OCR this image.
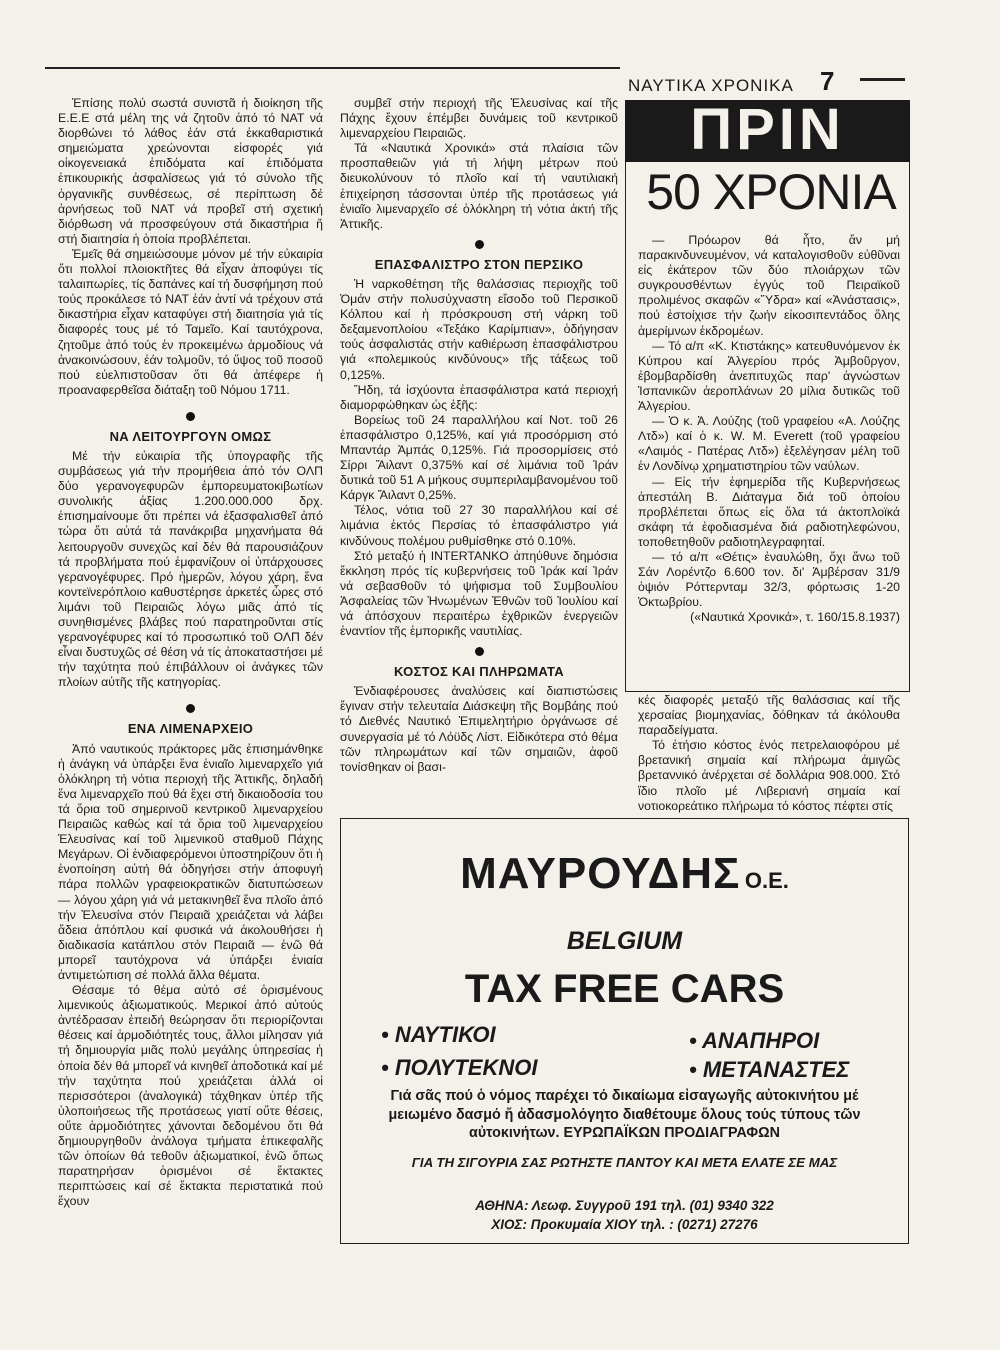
ΝΑΥΤΙΚΑ ΧΡΟΝΙΚΑ 7

Ἐπίσης πολύ σωστά συνιστᾶ ἡ διοίκηση τῆς Ε.Ε.Ε στά μέλη της νά ζητοῦν ἀπό τό ΝΑΤ νά διορθώνει τό λάθος ἐάν στά ἐκκαθαριστικά σημειώματα χρεώνονται εἰσφορές γιά οἰκογενειακά ἐπιδόματα καί ἐπιδόματα ἐπικουρικής ἀσφαλίσεως γιά τό σύνολο τῆς ὀργανικῆς συνθέσεως, σέ περίπτωση δέ ἀρνήσεως τοῦ ΝΑΤ νά προβεῖ στή σχετική διόρθωση νά προσφεύγουν στά δικαστήρια ἤ στή διαιτησία ἡ ὁποία προβλέπεται.

Ἐμεῖς θά σημειώσουμε μόνον μέ τήν εὐκαιρία ὅτι πολλοί πλοιοκτῆτες θά εἶχαν ἀποφύγει τίς ταλαιπωρίες, τίς δαπάνες καί τή δυσφήμηση πού τούς προκάλεσε τό ΝΑΤ ἐάν ἀντί νά τρέχουν στά δικαστήρια εἶχαν καταφύγει στή διαιτησία γιά τίς διαφορές τους μέ τό Ταμεῖο. Καί ταυτόχρονα, ζητοῦμε ἀπό τούς ἐν προκειμένω ἁρμοδίους νά ἀνακοινώσουν, ἐάν τολμοῦν, τό ὕψος τοῦ ποσοῦ πού εὐελπιστοῦσαν ὅτι θά ἀπέφερε ἡ προαναφερθεῖσα διάταξη τοῦ Νόμου 1711.

ΝΑ ΛΕΙΤΟΥΡΓΟΥΝ ΟΜΩΣ

Μέ τήν εὐκαιρία τῆς ὑπογραφῆς τῆς συμβάσεως γιά τήν προμήθεια ἀπό τόν ΟΛΠ δύο γερανογεφυρῶν ἐμπορευματοκιβωτίων συνολικής ἀξίας 1.200.000.000 δρχ. ἐπισημαίνουμε ὅτι πρέπει νά ἐξασφαλισθεῖ ἀπό τώρα ὅτι αὐτά τά πανάκριβα μηχανήματα θά λειτουργοῦν συνεχῶς καί δέν θά παρουσιάζουν τά προβλήματα πού ἐμφανίζουν οἱ ὑπάρχουσες γερανογέφυρες. Πρό ἡμερῶν, λόγου χάρη, ἕνα κοντεϊνερόπλοιο καθυστέρησε ἀρκετές ὧρες στό λιμάνι τοῦ Πειραιῶς λόγω μιᾶς ἀπό τίς συνηθισμένες βλάβες πού παρατηροῦνται στίς γερανογέφυρες καί τό προσωπικό τοῦ ΟΛΠ δέν εἶναι δυστυχῶς σέ θέση νά τίς ἀποκαταστήσει μέ τήν ταχύτητα πού ἐπιβάλλουν οἱ ἀνάγκες τῶν πλοίων αὐτῆς τῆς κατηγορίας.

ΕΝΑ ΛΙΜΕΝΑΡΧΕΙΟ

Ἀπό ναυτικούς πράκτορες μᾶς ἐπισημάνθηκε ἡ ἀνάγκη νά ὑπάρξει ἕνα ἑνιαῖο λιμεναρχεῖο γιά ὁλόκληρη τή νότια περιοχή τῆς Ἀττικῆς, δηλαδή ἕνα λιμεναρχεῖο πού θά ἔχει στή δικαιοδοσία του τά ὅρια τοῦ σημερινοῦ κεντρικοῦ λιμεναρχείου Πειραιῶς καθώς καί τά ὅρια τοῦ λιμεναρχείου Ἐλευσίνας καί τοῦ λιμενικοῦ σταθμοῦ Πάχης Μεγάρων. Οἱ ἐνδιαφερόμενοι ὑποστηρίζουν ὅτι ἡ ἑνοποίηση αὐτή θά ὁδηγήσει στήν ἀποφυγή πάρα πολλῶν γραφειοκρατικῶν διατυπώσεων — λόγου χάρη γιά νά μετακινηθεῖ ἕνα πλοῖο ἀπό τήν Ἐλευσίνα στόν Πειραιᾶ χρειάζεται νά λάβει ἄδεια ἀπόπλου καί φυσικά νά ἀκολουθήσει ἡ διαδικασία κατάπλου στόν Πειραιᾶ — ἐνῶ θά μπορεῖ ταυτόχρονα νά ὑπάρξει ἑνιαία ἀντιμετώπιση σέ πολλά ἄλλα θέματα.

Θέσαμε τό θέμα αὐτό σέ ὁρισμένους λιμενικούς ἀξιωματικούς. Μερικοί ἀπό αὐτούς ἀντέδρασαν ἐπειδή θεώρησαν ὅτι περιορίζονται θέσεις καί ἁρμοδιότητές τους, ἄλλοι μίλησαν γιά τή δημιουργία μιᾶς πολύ μεγάλης ὑπηρεσίας ἡ ὁποία δέν θά μπορεῖ νά κινηθεῖ ἀποδοτικά καί μέ τήν ταχύτητα πού χρειάζεται ἀλλά οἱ περισσότεροι (ἀναλογικά) τάχθηκαν ὑπέρ τῆς ὑλοποιήσεως τῆς προτάσεως γιατί οὔτε θέσεις, οὔτε ἁρμοδιότητες χάνονται δεδομένου ὅτι θά δημιουργηθοῦν ἀνάλογα τμήματα ἐπικεφαλῆς τῶν ὁποίων θά τεθοῦν ἀξιωματικοί, ἐνῶ ὅπως παρατηρήσαν ὁρισμένοι σέ ἔκτακτες περιπτώσεις καί σέ ἔκτακτα περιστατικά πού ἔχουν

συμβεῖ στήν περιοχή τῆς Ἐλευσίνας καί τῆς Πάχης ἔχουν ἐπέμβει δυνάμεις τοῦ κεντρικοῦ λιμεναρχείου Πειραιῶς.

Τά «Ναυτικά Χρονικά» στά πλαίσια τῶν προσπαθειῶν γιά τή λήψη μέτρων πού διευκολύνουν τό πλοῖο καί τή ναυτιλιακή ἐπιχείρηση τάσσονται ὑπέρ τῆς προτάσεως γιά ἑνιαῖο λιμεναρχεῖο σέ ὁλόκληρη τή νότια ἀκτή τῆς Ἀττικῆς.

ΕΠΑΣΦΑΛΙΣΤΡΟ ΣΤΟΝ ΠΕΡΣΙΚΟ

Ἡ ναρκοθέτηση τῆς θαλάσσιας περιοχῆς τοῦ Ὀμάν στήν πολυσύχναστη εἴσοδο τοῦ Περσικοῦ Κόλπου καί ἡ πρόσκρουση στή νάρκη τοῦ δεξαμενοπλοίου «Τεξάκο Καρίμπιαν», ὁδήγησαν τούς ἀσφαλιστάς στήν καθιέρωση ἐπασφάλιστρου γιά «πολεμικούς κινδύνους» τῆς τάξεως τοῦ 0,125%.

Ἤδη, τά ἰσχύοντα ἐπασφάλιστρα κατά περιοχή διαμορφώθηκαν ὡς ἑξῆς:

Βορείως τοῦ 24 παραλλήλου καί Νοτ. τοῦ 26 ἐπασφάλιστρο 0,125%, καί γιά προσόρμιση στό Μπαντάρ Ἀμπάς 0,125%. Γιά προσορμίσεις στό Σίρρι Ἄιλαντ 0,375% καί σέ λιμάνια τοῦ Ἰράν δυτικά τοῦ 51 Α μήκους συμπεριλαμβανομένου τοῦ Κάργκ Ἄιλαντ 0,25%.

Τέλος, νότια τοῦ 27 30 παραλλήλου καί σέ λιμάνια ἐκτός Περσίας τό ἐπασφάλιστρο γιά κινδύνους πολέμου ρυθμίσθηκε στό 0.10%.

Στό μεταξύ ἡ INTERTANKO ἀπηύθυνε δημόσια ἔκκληση πρός τίς κυβερνήσεις τοῦ Ἰράκ καί Ἰράν νά σεβασθοῦν τό ψήφισμα τοῦ Συμβουλίου Ἀσφαλείας τῶν Ἡνωμένων Ἐθνῶν τοῦ Ἰουλίου καί νά ἀπόσχουν περαιτέρω ἐχθρικῶν ἐνεργειῶν ἐναντίον τῆς ἐμπορικῆς ναυτιλίας.

ΚΟΣΤΟΣ ΚΑΙ ΠΛΗΡΩΜΑΤΑ

Ἐνδιαφέρουσες ἀναλύσεις καί διαπιστώσεις ἔγιναν στήν τελευταία Διάσκεψη τῆς Βομβάης πού τό Διεθνές Ναυτικό Ἐπιμελητήριο ὀργάνωσε σέ συνεργασία μέ τό Λόϋδς Λίστ. Εἰδικότερα στό θέμα τῶν πληρωμάτων καί τῶν σημαιῶν, ἀφοῦ τονίσθηκαν οἱ βασι-

ΠΡΙΝ
50 ΧΡΟΝΙΑ

— Πρόωρον θά ἦτο, ἄν μή παρακινδυνευμένον, νά καταλογισθοῦν εὐθῦναι εἰς ἑκάτερον τῶν δύο πλοιάρχων τῶν συγκρουσθέντων ἐγγύς τοῦ Πειραϊκοῦ προλιμένος σκαφῶν «Ὕδρα» καί «Ἀνάστασις», πού ἐστοίχισε τήν ζωήν εἰκοσιπεντάδος ὅλης ἀμερίμνων ἐκδρομέων.

— Τό α/π «Κ. Κτιστάκης» κατευθυνόμενον ἐκ Κύπρου καί Ἀλγερίου πρός Ἀμβοῦργον, ἐβομβαρδίσθη ἀνεπιτυχῶς παρ' ἀγνώστων Ἰσπανικῶν ἀεροπλάνων 20 μίλια δυτικῶς τοῦ Ἀλγερίου.

— Ὁ κ. Ἀ. Λούζης (τοῦ γραφείου «Α. Λούζης Λτδ») καί ὁ κ. W. M. Everett (τοῦ γραφείου «Λαιμός - Πατέρας Λτδ») ἐξελέγησαν μέλη τοῦ ἐν Λονδίνῳ χρηματιστηρίου τῶν ναύλων.

— Εἰς τήν ἐφημερίδα τῆς Κυβερνήσεως ἀπεστάλη Β. Διάταγμα διά τοῦ ὁποίου προβλέπεται ὅπως εἰς ὅλα τά ἀκτοπλοϊκά σκάφη τά ἐφοδιασμένα διά ραδιοτηλεφώνου, τοποθετηθοῦν ραδιοτηλεγραφηταί.

— τό α/π «Θέτις» ἐναυλώθη, ὄχι ἄνω τοῦ Σάν Λορέντζο 6.600 τον. δι' Ἀμβέρσαν 31/9 ὀψιόν Ρόττερνταμ 32/3, φόρτωσις 1-20 Ὀκτωβρίου.

(«Ναυτικά Χρονικά», τ. 160/15.8.1937)

κές διαφορές μεταξύ τῆς θαλάσσιας καί τῆς χερσαίας βιομηχανίας, δόθηκαν τά ἀκόλουθα παραδείγματα.

Τό ἐτήσιο κόστος ἑνός πετρελαιοφόρου μέ βρετανική σημαία καί πλήρωμα ἀμιγῶς βρεταννικό ἀνέρχεται σέ δολλάρια 908.000. Στό ἴδιο πλοῖο μέ Λιβεριανή σημαία καί νοτιοκορεάτικο πλήρωμα τό κόστος πέφτει στίς

ΜΑΥΡΟΥΔΗΣ Ο.Ε.
BELGIUM
TAX FREE CARS
• ΝΑΥΤΙΚΟΙ	• ΑΝΑΠΗΡΟΙ
• ΠΟΛΥΤΕΚΝΟΙ	• ΜΕΤΑΝΑΣΤΕΣ
Γιά σᾶς πού ὁ νόμος παρέχει τό δικαίωμα εἰσαγωγῆς αὐτοκινήτου μέ μειωμένο δασμό ἤ ἀδασμολόγητο διαθέτουμε ὅλους τούς τύπους τῶν αὐτοκινήτων. ΕΥΡΩΠΑΪΚΩΝ ΠΡΟΔΙΑΓΡΑΦΩΝ
ΓΙΑ ΤΗ ΣΙΓΟΥΡΙΑ ΣΑΣ ΡΩΤΗΣΤΕ ΠΑΝΤΟΥ ΚΑΙ ΜΕΤΑ ΕΛΑΤΕ ΣΕ ΜΑΣ
ΑΘΗΝΑ: Λεωφ. Συγγροῦ 191 τηλ. (01) 9340 322
ΧΙΟΣ: Προκυμαία ΧΙΟΥ τηλ. : (0271) 27276
